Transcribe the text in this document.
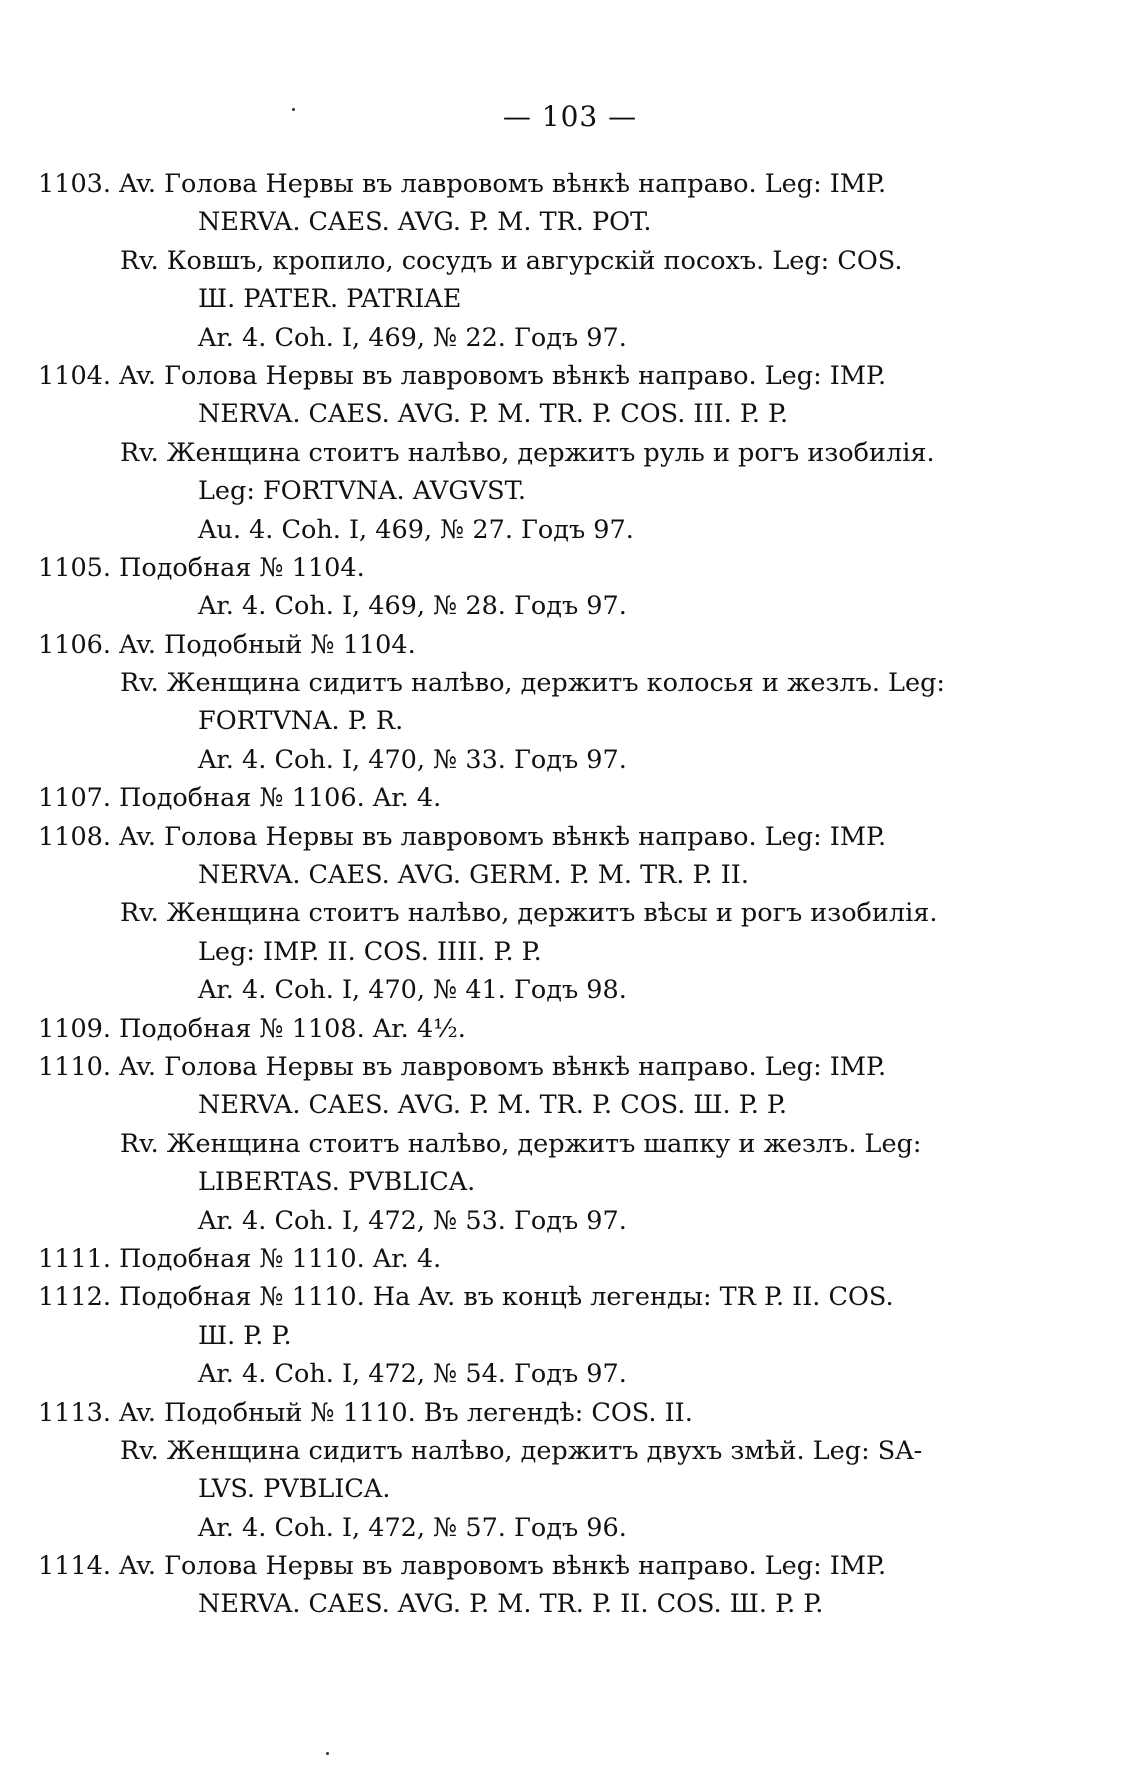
— 103 —
1103. Av. Голова Нервы въ лавровомъ вѣнкѣ направо. Leg: IMP.
NERVA. CAES. AVG. P. M. TR. POT.
Rv. Ковшъ, кропило, сосудъ и авгурскій посохъ. Leg: COS.
Ш. PATER. PATRIAE
Ar. 4. Coh. I, 469, № 22. Годъ 97.
1104. Av. Голова Нервы въ лавровомъ вѣнкѣ направо. Leg: IMP.
NERVA. CAES. AVG. P. M. TR. P. COS. III. P. P.
Rv. Женщина стоитъ налѣво, держитъ руль и рогъ изобилія.
Leg: FORTVNA. AVGVST.
Au. 4. Coh. I, 469, № 27. Годъ 97.
1105. Подобная № 1104.
Ar. 4. Coh. I, 469, № 28. Годъ 97.
1106. Av. Подобный № 1104.
Rv. Женщина сидитъ налѣво, держитъ колосья и жезлъ. Leg:
FORTVNA. P. R.
Ar. 4. Coh. I, 470, № 33. Годъ 97.
1107. Подобная № 1106. Ar. 4.
1108. Av. Голова Нервы въ лавровомъ вѣнкѣ направо. Leg: IMP.
NERVA. CAES. AVG. GERM. P. M. TR. P. II.
Rv. Женщина стоитъ налѣво, держитъ вѣсы и рогъ изобилія.
Leg: IMP. II. COS. IIII. P. P.
Ar. 4. Coh. I, 470, № 41. Годъ 98.
1109. Подобная № 1108. Ar. 4½.
1110. Av. Голова Нервы въ лавровомъ вѣнкѣ направо. Leg: IMP.
NERVA. CAES. AVG. P. M. TR. P. COS. Ш. P. P.
Rv. Женщина стоитъ налѣво, держитъ шапку и жезлъ. Leg:
LIBERTAS. PVBLICA.
Ar. 4. Coh. I, 472, № 53. Годъ 97.
1111. Подобная № 1110. Ar. 4.
1112. Подобная № 1110. На Av. въ концѣ легенды: TR P. II. COS.
Ш. P. P.
Ar. 4. Coh. I, 472, № 54. Годъ 97.
1113. Av. Подобный № 1110. Въ легендѣ: COS. II.
Rv. Женщина сидитъ налѣво, держитъ двухъ змѣй. Leg: SA-
LVS. PVBLICA.
Ar. 4. Coh. I, 472, № 57. Годъ 96.
1114. Av. Голова Нервы въ лавровомъ вѣнкѣ направо. Leg: IMP.
NERVA. CAES. AVG. P. M. TR. P. II. COS. Ш. P. P.
